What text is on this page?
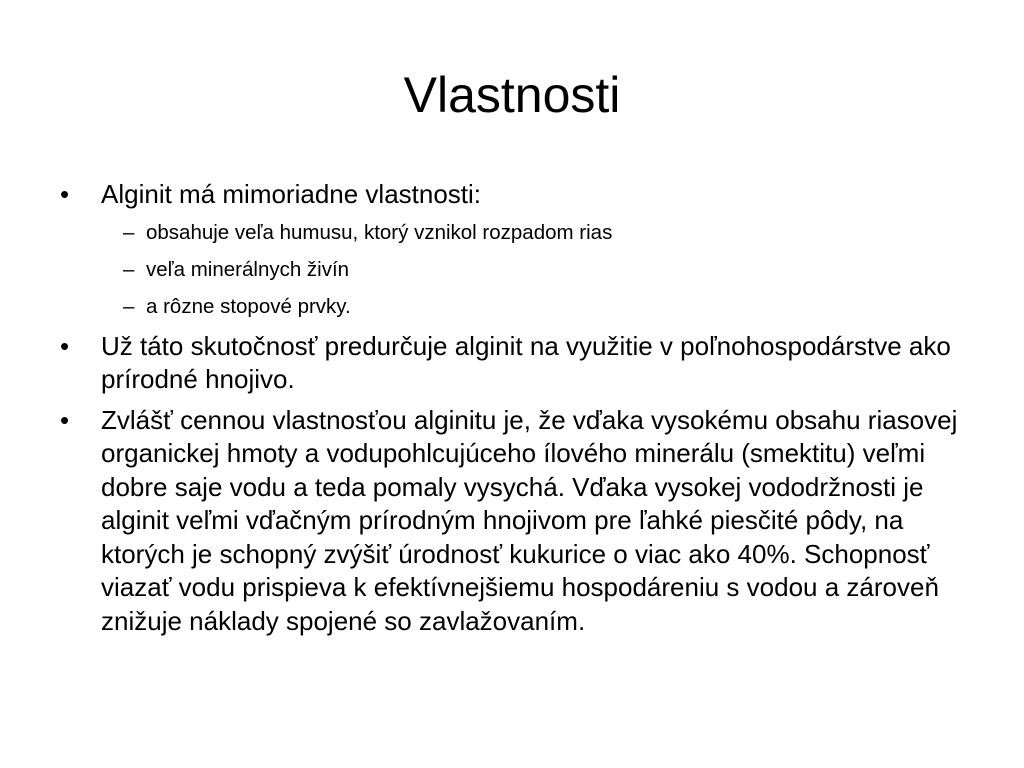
Vlastnosti
• Alginit má mimoriadne vlastnosti:
– obsahuje veľa humusu, ktorý vznikol rozpadom rias
– veľa minerálnych živín
– a rôzne stopové prvky.
• Už táto skutočnosť predurčuje alginit na využitie v poľnohospodárstve ako prírodné hnojivo.
• Zvlášť cennou vlastnosťou alginitu je, že vďaka vysokému obsahu riasovej organickej hmoty a vodupohlcujúceho ílového minerálu (smektitu) veľmi dobre saje vodu a teda pomaly vysychá. Vďaka vysokej vododržnosti je alginit veľmi vďačným prírodným hnojivom pre ľahké piesčité pôdy, na ktorých je schopný zvýšiť úrodnosť kukurice o viac ako 40%. Schopnosť viazať vodu prispieva k efektívnejšiemu hospodáreniu s vodou a zároveň znižuje náklady spojené so zavlažovaním.
